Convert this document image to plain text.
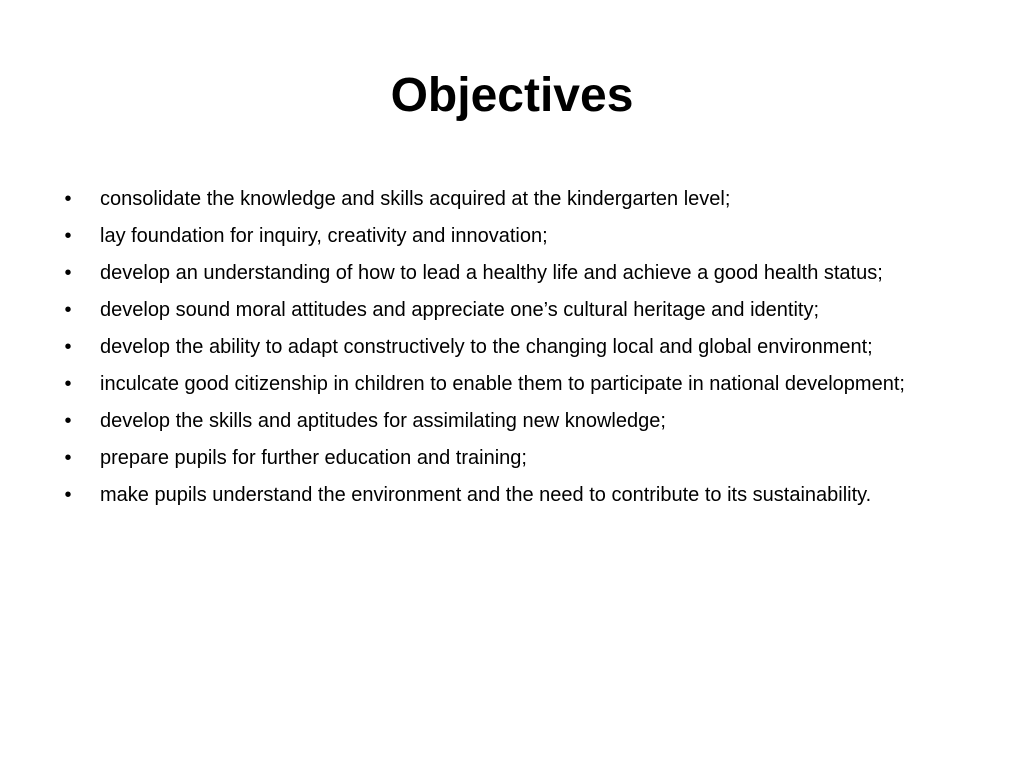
Objectives
•	consolidate the knowledge and skills acquired at the kindergarten level;
•	lay foundation for inquiry, creativity and innovation;
•	develop an understanding of how to lead a healthy life and achieve a good health status;
•	develop sound moral attitudes and appreciate one’s cultural heritage and identity;
•	develop the ability to adapt constructively to the changing local and global environment;
•	inculcate good citizenship in children to enable them to participate in national development;
•	develop the skills and aptitudes for assimilating new knowledge;
•	prepare pupils for further education and training;
•	make pupils understand the environment and the need to contribute to its sustainability.
